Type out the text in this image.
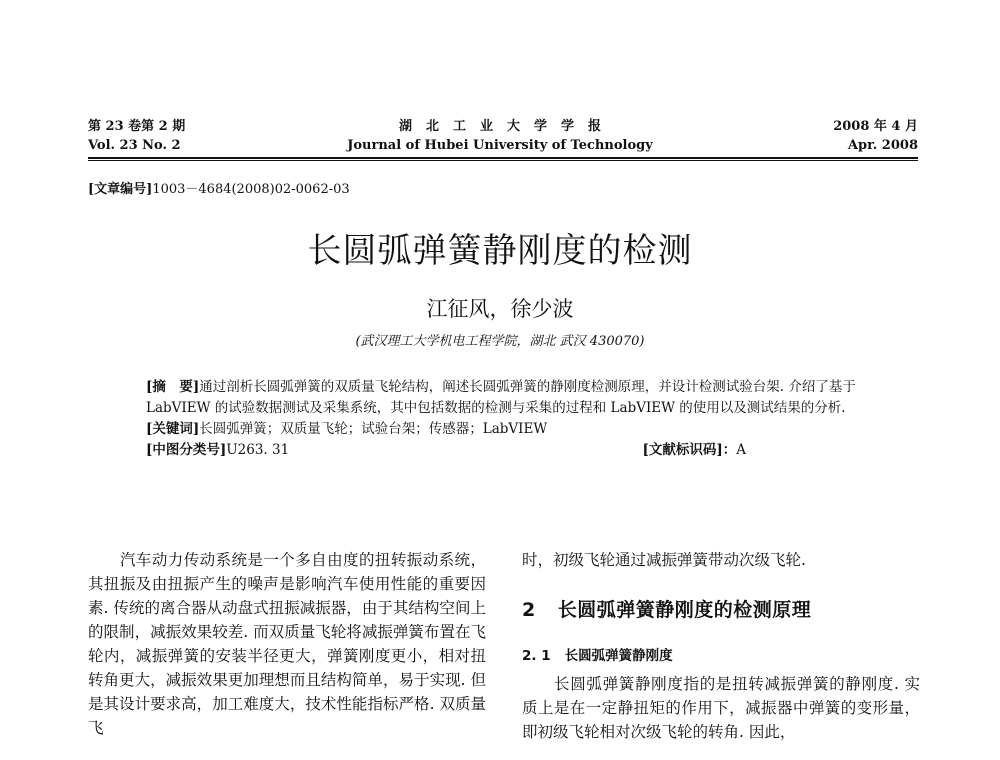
第 23 卷第 2 期
Vol. 23 No. 2
湖北工业大学学报
Journal of Hubei University of Technology
2008 年 4 月
Apr. 2008
[文章编号]1003－4684(2008)02-0062-03
长圆弧弹簧静刚度的检测
江征风，徐少波
(武汉理工大学机电工程学院，湖北 武汉 430070)

[摘　要]通过剖析长圆弧弹簧的双质量飞轮结构，阐述长圆弧弹簧的静刚度检测原理，并设计检测试验台架. 介绍了基于 LabVIEW 的试验数据测试及采集系统，其中包括数据的检测与采集的过程和 LabVIEW 的使用以及测试结果的分析.

[关键词]长圆弧弹簧；双质量飞轮；试验台架；传感器；LabVIEW

[中图分类号]U263. 31	[文献标识码]：A

汽车动力传动系统是一个多自由度的扭转振动系统，其扭振及由扭振产生的噪声是影响汽车使用性能的重要因素. 传统的离合器从动盘式扭振减振器，由于其结构空间上的限制，减振效果较差. 而双质量飞轮将减振弹簧布置在飞轮内，减振弹簧的安装半径更大，弹簧刚度更小，相对扭转角更大，减振效果更加理想而且结构简单，易于实现. 但是其设计要求高，加工难度大，技术性能指标严格. 双质量飞

时，初级飞轮通过减振弹簧带动次级飞轮.

2 长圆弧弹簧静刚度的检测原理

2. 1 长圆弧弹簧静刚度

长圆弧弹簧静刚度指的是扭转减振弹簧的静刚度. 实质上是在一定静扭矩的作用下，减振器中弹簧的变形量，即初级飞轮相对次级飞轮的转角. 因此，
